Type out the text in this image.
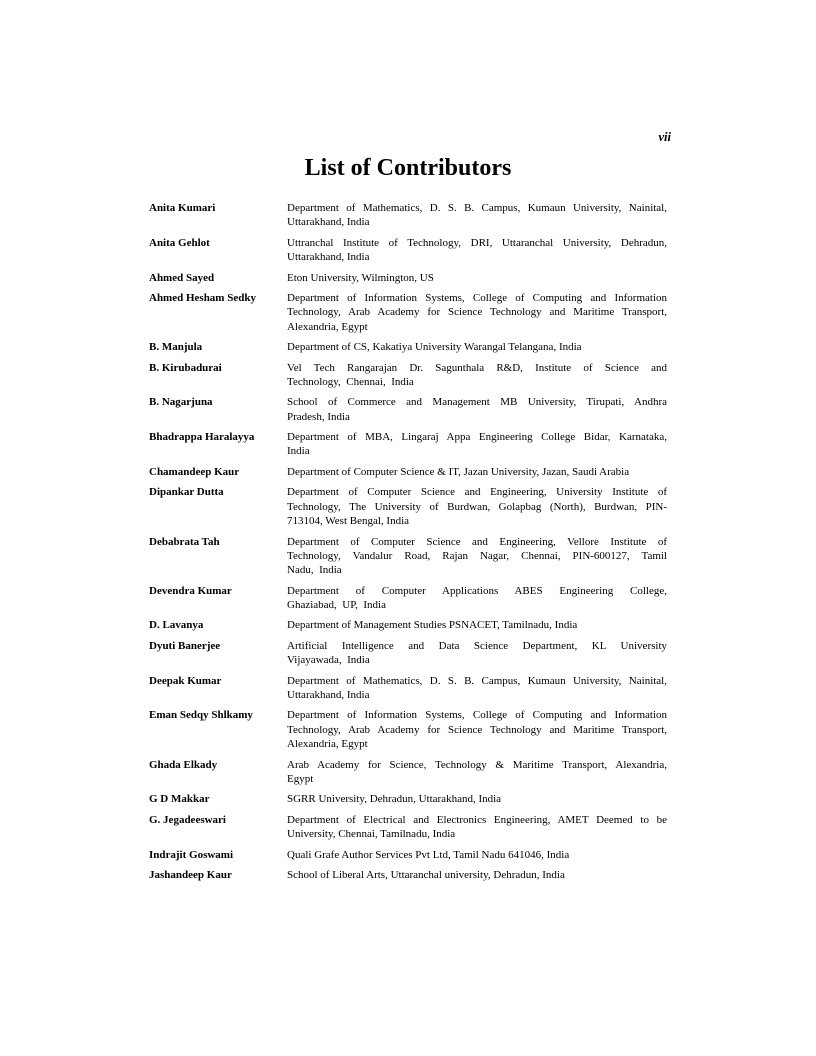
vii
List of Contributors
Anita Kumari	Department of Mathematics, D. S. B. Campus, Kumaun University, Nainital,
Uttarakhand, India
Anita Gehlot	Uttranchal Institute of Technology, DRI, Uttaranchal University, Dehradun,
Uttarakhand, India
Ahmed Sayed	Eton University, Wilmington, US
Ahmed Hesham Sedky	Department of Information Systems, College of Computing and Information
Technology, Arab Academy for Science Technology and Maritime Transport,
Alexandria, Egypt
B. Manjula	Department of CS, Kakatiya University Warangal Telangana, India
B. Kirubadurai	Vel Tech Rangarajan Dr. Sagunthala R&D, Institute of Science and
Technology,  Chennai,  India
B. Nagarjuna	School of Commerce and Management MB University, Tirupati, Andhra
Pradesh, India
Bhadrappa Haralayya	Department of MBA, Lingaraj Appa Engineering College Bidar, Karnataka,
India
Chamandeep Kaur	Department of Computer Science & IT, Jazan University, Jazan, Saudi Arabia
Dipankar Dutta	Department of Computer Science and Engineering, University Institute of
Technology, The University of Burdwan, Golapbag (North), Burdwan, PIN-
713104, West Bengal, India
Debabrata Tah	Department of Computer Science and Engineering, Vellore Institute of
Technology, Vandalur Road, Rajan Nagar, Chennai, PIN-600127, Tamil
Nadu,  India
Devendra Kumar	Department of Computer Applications ABES Engineering College,
Ghaziabad,  UP,  India
D. Lavanya	Department of Management Studies PSNACET, Tamilnadu, India
Dyuti Banerjee	Artificial Intelligence and Data Science Department, KL University
Vijayawada,  India
Deepak Kumar	Department of Mathematics, D. S. B. Campus, Kumaun University, Nainital,
Uttarakhand, India
Eman Sedqy Shlkamy	Department of Information Systems, College of Computing and Information
Technology, Arab Academy for Science Technology and Maritime Transport,
Alexandria, Egypt
Ghada Elkady	Arab Academy for Science, Technology & Maritime Transport, Alexandria,
Egypt
G D Makkar	SGRR University, Dehradun, Uttarakhand, India
G. Jegadeeswari	Department of Electrical and Electronics Engineering, AMET Deemed to be
University, Chennai, Tamilnadu, India
Indrajit Goswami	Quali Grafe Author Services Pvt Ltd, Tamil Nadu 641046, India
Jashandeep Kaur	School of Liberal Arts, Uttaranchal university, Dehradun, India
